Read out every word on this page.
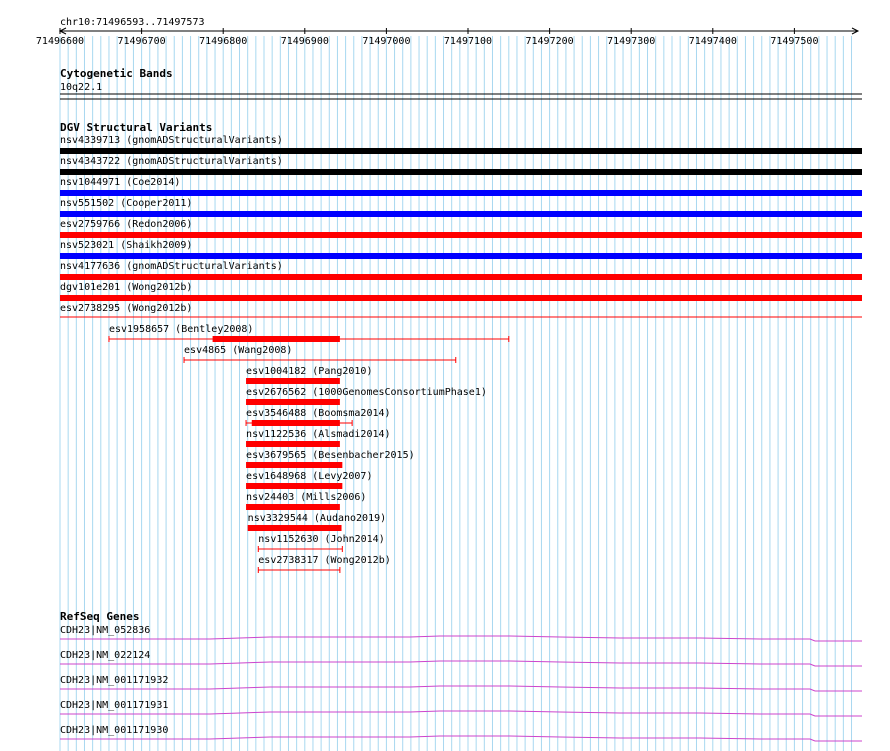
chr10:71496593..71497573
71496600	71496700	71496800	71496900	71497000	71497100	71497200	71497300	71497400	71497500
Cytogenetic Bands
10q22.1
DGV Structural Variants
nsv4339713 (gnomADStructuralVariants)
nsv4343722 (gnomADStructuralVariants)
nsv1044971 (Coe2014)
nsv551502 (Cooper2011)
esv2759766 (Redon2006)
nsv523021 (Shaikh2009)
nsv4177636 (gnomADStructuralVariants)
dgv101e201 (Wong2012b)
esv2738295 (Wong2012b)
esv1958657 (Bentley2008)
esv4865 (Wang2008)
esv1004182 (Pang2010)
esv2676562 (1000GenomesConsortiumPhase1)
esv3546488 (Boomsma2014)
nsv1122536 (Alsmadi2014)
esv3679565 (Besenbacher2015)
esv1648968 (Levy2007)
nsv24403 (Mills2006)
nsv3329544 (Audano2019)
nsv1152630 (John2014)
esv2738317 (Wong2012b)
RefSeq Genes
CDH23|NM_052836
CDH23|NM_022124
CDH23|NM_001171932
CDH23|NM_001171931
CDH23|NM_001171930
